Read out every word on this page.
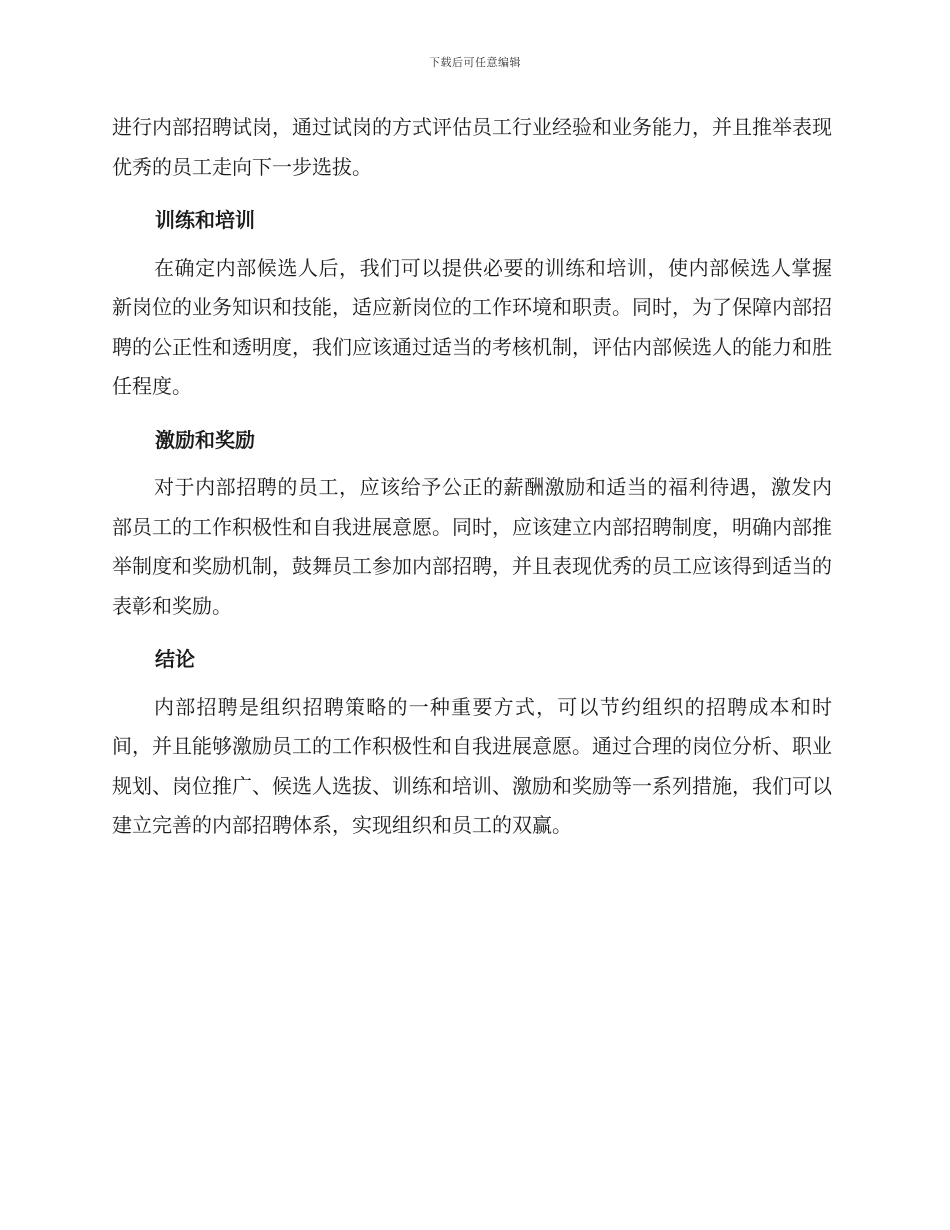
下载后可任意编辑

进行内部招聘试岗，通过试岗的方式评估员工行业经验和业务能力，并且推举表现优秀的员工走向下一步选拔。

训练和培训

在确定内部候选人后，我们可以提供必要的训练和培训，使内部候选人掌握新岗位的业务知识和技能，适应新岗位的工作环境和职责。同时，为了保障内部招聘的公正性和透明度，我们应该通过适当的考核机制，评估内部候选人的能力和胜任程度。

激励和奖励

对于内部招聘的员工，应该给予公正的薪酬激励和适当的福利待遇，激发内部员工的工作积极性和自我进展意愿。同时，应该建立内部招聘制度，明确内部推举制度和奖励机制，鼓舞员工参加内部招聘，并且表现优秀的员工应该得到适当的表彰和奖励。

结论

内部招聘是组织招聘策略的一种重要方式，可以节约组织的招聘成本和时间，并且能够激励员工的工作积极性和自我进展意愿。通过合理的岗位分析、职业规划、岗位推广、候选人选拔、训练和培训、激励和奖励等一系列措施，我们可以建立完善的内部招聘体系，实现组织和员工的双赢。
